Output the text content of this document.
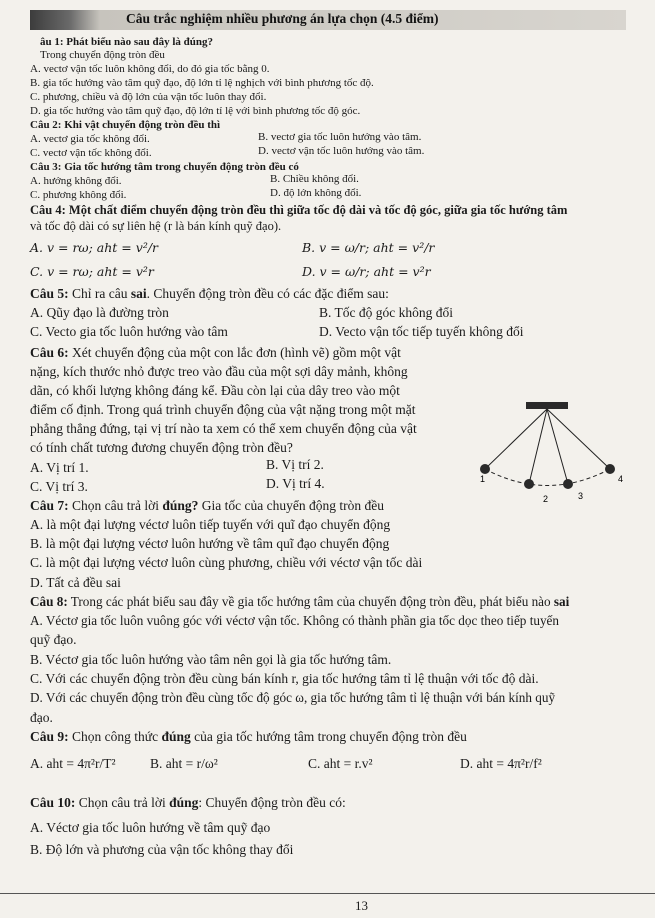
Câu trắc nghiệm nhiều phương án lựa chọn (4.5 điểm)
âu 1: Phát biểu nào sau đây là đúng?
Trong chuyển động tròn đều
A. vectơ vận tốc luôn không đổi, do đó gia tốc bằng 0.
B. gia tốc hướng vào tâm quỹ đạo, độ lớn tỉ lệ nghịch với bình phương tốc độ.
C. phương, chiều và độ lớn của vận tốc luôn thay đổi.
D. gia tốc hướng vào tâm quỹ đạo, độ lớn tỉ lệ với bình phương tốc độ góc.
Câu 2: Khi vật chuyển động tròn đều thì
A. vectơ gia tốc không đổi.	B. vectơ gia tốc luôn hướng vào tâm.
C. vectơ vận tốc không đổi.	D. vectơ vận tốc luôn hướng vào tâm.
Câu 3: Gia tốc hướng tâm trong chuyển động tròn đều có
A. hướng không đổi.	B. Chiều không đổi.
C. phương không đổi.	D. độ lớn không đổi.
Câu 4: Một chất điểm chuyển động tròn đều thì giữa tốc độ dài và tốc độ góc, giữa gia tốc hướng tâm
và tốc độ dài có sự liên hệ (r là bán kính quỹ đạo).
A. v = rω; aht = v²/r	B. v = ω/r; aht = v²/r
C. v = rω; aht = v²r	D. v = ω/r; aht = v²r
Câu 5: Chỉ ra câu sai. Chuyển động tròn đều có các đặc điểm sau:
A. Qũy đạo là đường tròn	B. Tốc độ góc không đổi
C. Vecto gia tốc luôn hướng vào tâm	D. Vecto vận tốc tiếp tuyến không đổi
Câu 6: Xét chuyển động của một con lắc đơn (hình vẽ) gồm một vật
nặng, kích thước nhỏ được treo vào đầu của một sợi dây mảnh, không
dãn, có khối lượng không đáng kể. Đầu còn lại của dây treo vào một
điểm cố định. Trong quá trình chuyển động của vật nặng trong một mặt
phẳng thẳng đứng, tại vị trí nào ta xem có thể xem chuyển động của vật
có tính chất tương đương chuyển động tròn đều?
A. Vị trí 1.	B. Vị trí 2.
C. Vị trí 3.	D. Vị trí 4.	1
2	3
4
Câu 7: Chọn câu trả lời đúng? Gia tốc của chuyển động tròn đều
A. là một đại lượng véctơ luôn tiếp tuyến với quĩ đạo chuyển động
B. là một đại lượng véctơ luôn hướng về tâm quĩ đạo chuyển động
C. là một đại lượng véctơ luôn cùng phương, chiều với véctơ vận tốc dài
D. Tất cả đều sai
Câu 8: Trong các phát biểu sau đây về gia tốc hướng tâm của chuyển động tròn đều, phát biểu nào sai
A. Véctơ gia tốc luôn vuông góc với véctơ vận tốc. Không có thành phần gia tốc dọc theo tiếp tuyến
quỹ đạo.
B. Véctơ gia tốc luôn hướng vào tâm nên gọi là gia tốc hướng tâm.
C. Với các chuyển động tròn đều cùng bán kính r, gia tốc hướng tâm tỉ lệ thuận với tốc độ dài.
D. Với các chuyển động tròn đều cùng tốc độ góc ω, gia tốc hướng tâm tỉ lệ thuận với bán kính quỹ
đạo.
Câu 9: Chọn công thức đúng của gia tốc hướng tâm trong chuyển động tròn đều
A. aht = 4π²r/T²	B. aht = r/ω²	C. aht = r.v²	D. aht = 4π²r/f²
Câu 10: Chọn câu trả lời đúng: Chuyển động tròn đều có:
A. Véctơ gia tốc luôn hướng về tâm quỹ đạo
B. Độ lớn và phương của vận tốc không thay đổi
13
